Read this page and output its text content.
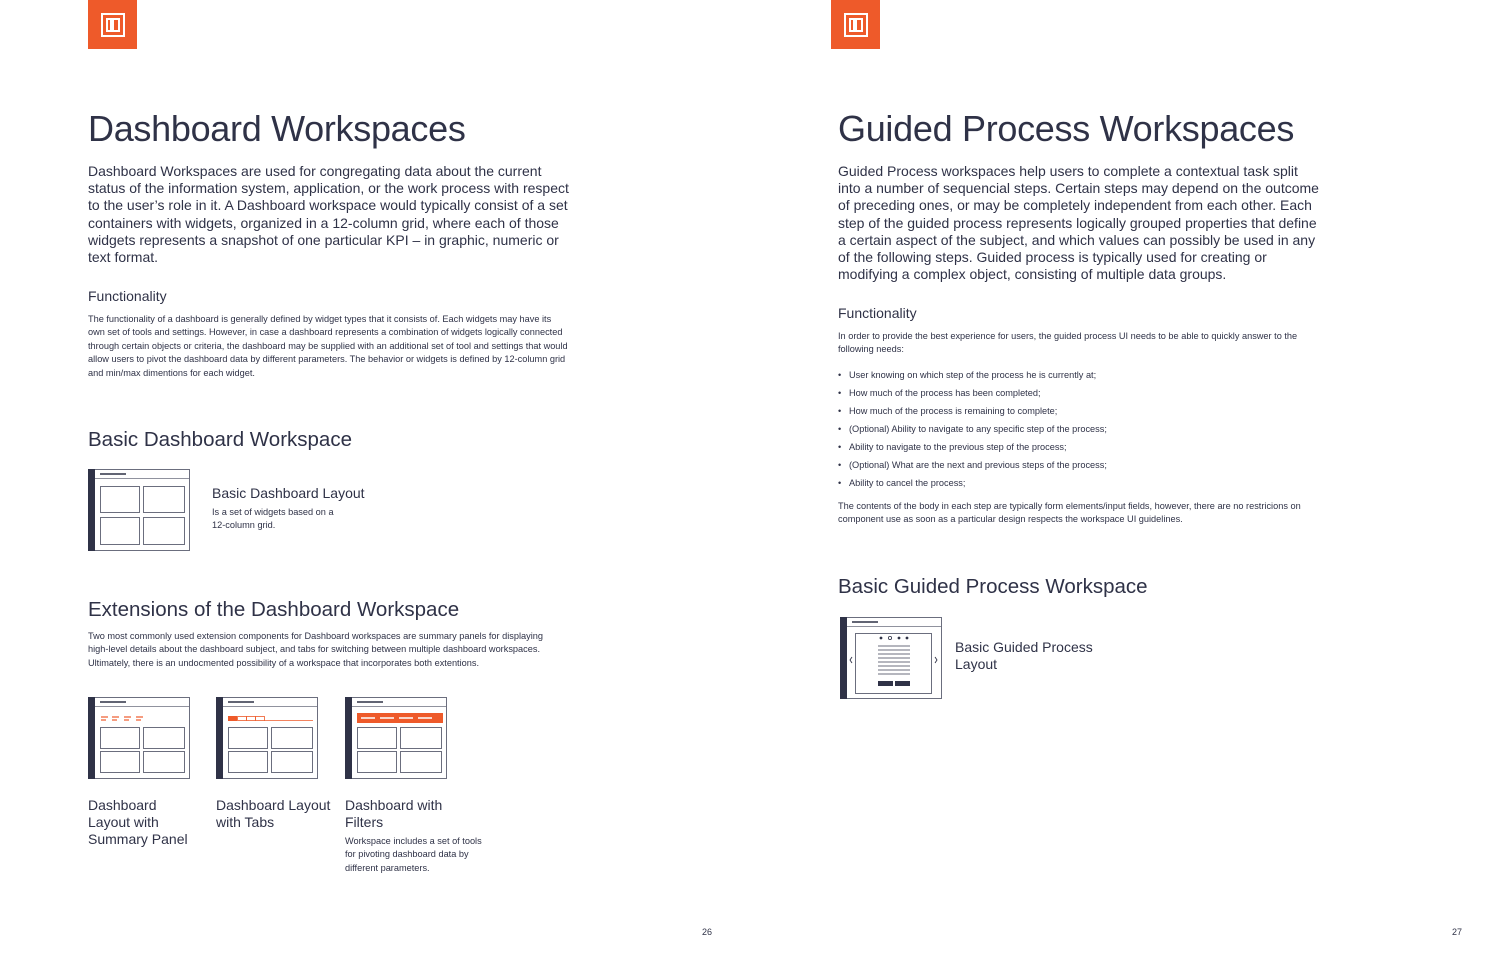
Dashboard Workspaces

Dashboard Workspaces are used for congregating data about the current status of the information system, application, or the work process with respect to the user’s role in it. A Dashboard workspace would typically consist of a set containers with widgets, organized in a 12-column grid, where each of those widgets represents a snapshot of one particular KPI – in graphic, numeric or text format.

Functionality

The functionality of a dashboard is generally defined by widget types that it consists of. Each widgets may have its own set of tools and settings. However, in case a dashboard represents a combination of widgets logically connected through certain objects or criteria, the dashboard may be supplied with an additional set of tool and settings that would allow users to pivot the dashboard data by different parameters. The behavior or widgets is defined by 12-column grid and min/max dimentions for each widget.

Basic Dashboard Workspace

Basic Dashboard Layout

Is a set of widgets based on a 12-column grid.

Extensions of the Dashboard Workspace

Two most commonly used extension components for Dashboard workspaces are summary panels for displaying high-level details about the dashboard subject, and tabs for switching between multiple dashboard workspaces. Ultimately, there is an undocmented possibility of a workspace that incorporates both extentions.

Dashboard Layout with Summary Panel

Dashboard Layout with Tabs

Dashboard with Filters

Workspace includes a set of tools for pivoting dashboard data by different parameters.

26
Guided Process Workspaces

Guided Process workspaces help users to complete a contextual task split into a number of sequencial steps. Certain steps may depend on the outcome of preceding ones, or may be completely independent from each other. Each step of the guided process represents logically grouped properties that define a certain aspect of the subject, and which values can possibly be used in any of the following steps. Guided process is typically used for creating or modifying a complex object, consisting of multiple data groups.

Functionality

In order to provide the best experience for users, the guided process UI needs to be able to quickly answer to the following needs:

• User knowing on which step of the process he is currently at;
• How much of the process has been completed;
• How much of the process is remaining to complete;
• (Optional) Ability to navigate to any specific step of the process;
• Ability to navigate to the previous step of the process;
• (Optional) What are the next and previous steps of the process;
• Ability to cancel the process;

The contents of the body in each step are typically form elements/input fields, however, there are no restricions on component use as soon as a particular design respects the workspace UI guidelines.

Basic Guided Process Workspace

Basic Guided Process Layout

27
